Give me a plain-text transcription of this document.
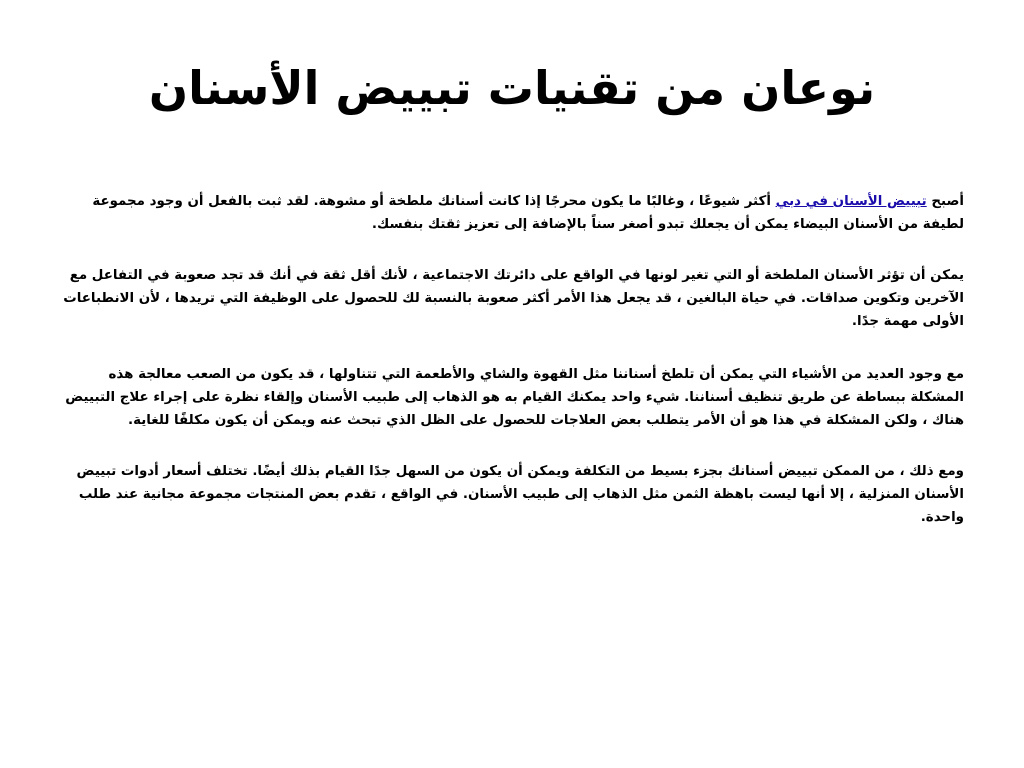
نوعان من تقنيات تبييض الأسنان

أصبح تبييض الأسنان في دبي أكثر شيوعًا ، وغالبًا ما يكون محرجًا إذا كانت أسنانك ملطخة أو مشوهة. لقد ثبت بالفعل أن وجود مجموعة لطيفة من الأسنان البيضاء يمكن أن يجعلك تبدو أصغر سناً بالإضافة إلى تعزيز ثقتك بنفسك.

يمكن أن تؤثر الأسنان الملطخة أو التي تغير لونها في الواقع على دائرتك الاجتماعية ، لأنك أقل ثقة في أنك قد تجد صعوبة في التفاعل مع الآخرين وتكوين صداقات. في حياة البالغين ، قد يجعل هذا الأمر أكثر صعوبة بالنسبة لك للحصول على الوظيفة التي تريدها ، لأن الانطباعات الأولى مهمة جدًا.

مع وجود العديد من الأشياء التي يمكن أن تلطخ أسناننا مثل القهوة والشاي والأطعمة التي تتناولها ، قد يكون من الصعب معالجة هذه المشكلة ببساطة عن طريق تنظيف أسناننا. شيء واحد يمكنك القيام به هو الذهاب إلى طبيب الأسنان وإلقاء نظرة على إجراء علاج التبييض هناك ، ولكن المشكلة في هذا هو أن الأمر يتطلب بعض العلاجات للحصول على الظل الذي تبحث عنه ويمكن أن يكون مكلفًا للغاية.

ومع ذلك ، من الممكن تبييض أسنانك بجزء بسيط من التكلفة ويمكن أن يكون من السهل جدًا القيام بذلك أيضًا. تختلف أسعار أدوات تبييض الأسنان المنزلية ، إلا أنها ليست باهظة الثمن مثل الذهاب إلى طبيب الأسنان. في الواقع ، تقدم بعض المنتجات مجموعة مجانية عند طلب واحدة.
